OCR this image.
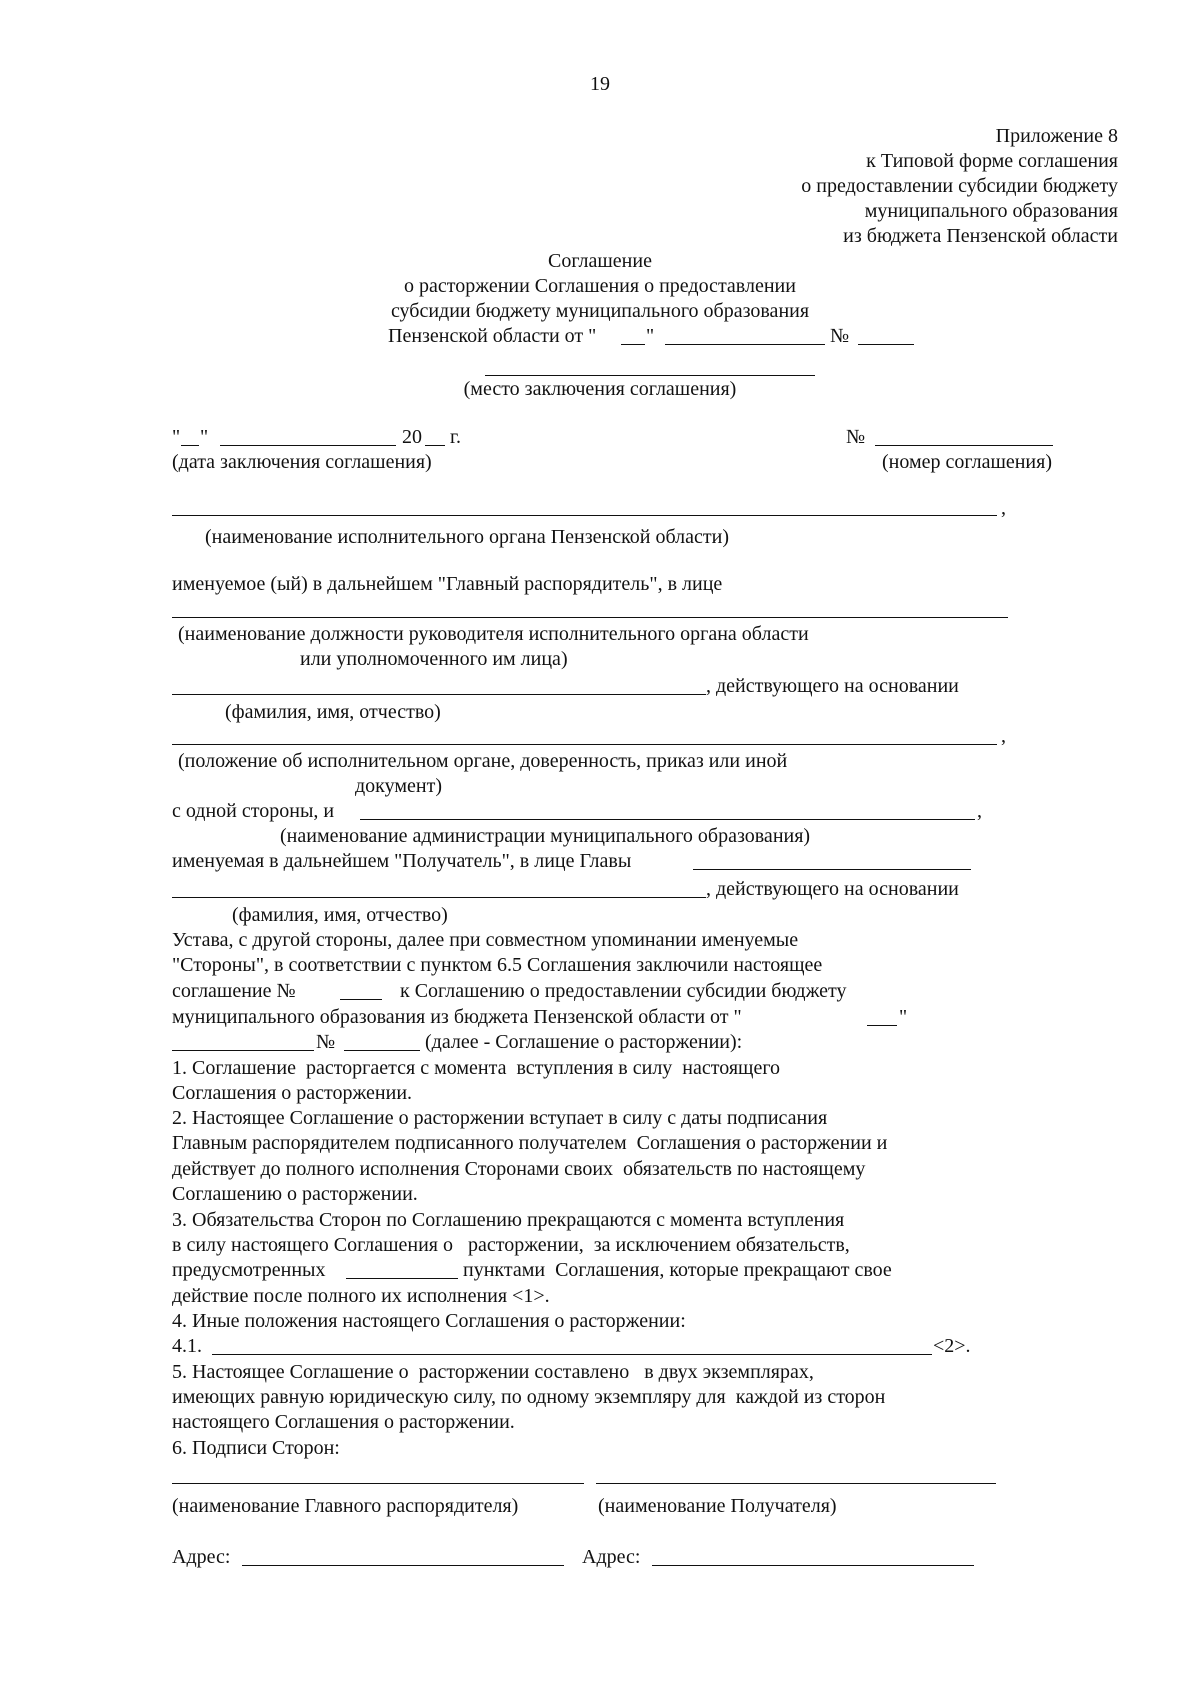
19
Приложение 8
к Типовой форме соглашения
о предоставлении субсидии бюджету
муниципального образования
из бюджета Пензенской области
Соглашение
о расторжении Соглашения о предоставлении
субсидии бюджету муниципального образования
Пензенской области от " "	№
(место заключения соглашения)
" "	20 г.
(дата заключения соглашения)
№
(номер соглашения)
,
(наименование исполнительного органа Пензенской области)
именуемое (ый) в дальнейшем "Главный распорядитель", в лице
(наименование должности руководителя исполнительного органа области
или уполномоченного им лица)
, действующего на основании
(фамилия, имя, отчество)
,
(положение об исполнительном органе, доверенность, приказ или иной
документ)
с одной стороны, и	,
(наименование администрации муниципального образования)
именуемая в дальнейшем "Получатель", в лице Главы
, действующего на основании
(фамилия, имя, отчество)
Устава, с другой стороны, далее при совместном упоминании именуемые
"Стороны", в соответствии с пунктом 6.5 Соглашения заключили настоящее
соглашение №	к Соглашению о предоставлении субсидии бюджету
муниципального образования из бюджета Пензенской области от "	"
№	(далее - Соглашение о расторжении):
1. Соглашение  расторгается с момента  вступления в силу  настоящего
Соглашения о расторжении.
2. Настоящее Соглашение о расторжении вступает в силу с даты подписания
Главным распорядителем подписанного получателем  Соглашения о расторжении и
действует до полного исполнения Сторонами своих  обязательств по настоящему
Соглашению о расторжении.
3. Обязательства Сторон по Соглашению прекращаются с момента вступления
в силу настоящего Соглашения о   расторжении,  за исключением обязательств,
предусмотренных	пунктами  Соглашения, которые прекращают свое
действие после полного их исполнения <1>.
4. Иные положения настоящего Соглашения о расторжении:
4.1.	<2>.
5. Настоящее Соглашение о  расторжении составлено   в двух экземплярах,
имеющих равную юридическую силу, по одному экземпляру для  каждой из сторон
настоящего Соглашения о расторжении.
6. Подписи Сторон:
(наименование Главного распорядителя)	(наименование Получателя)
Адрес:	Адрес:
